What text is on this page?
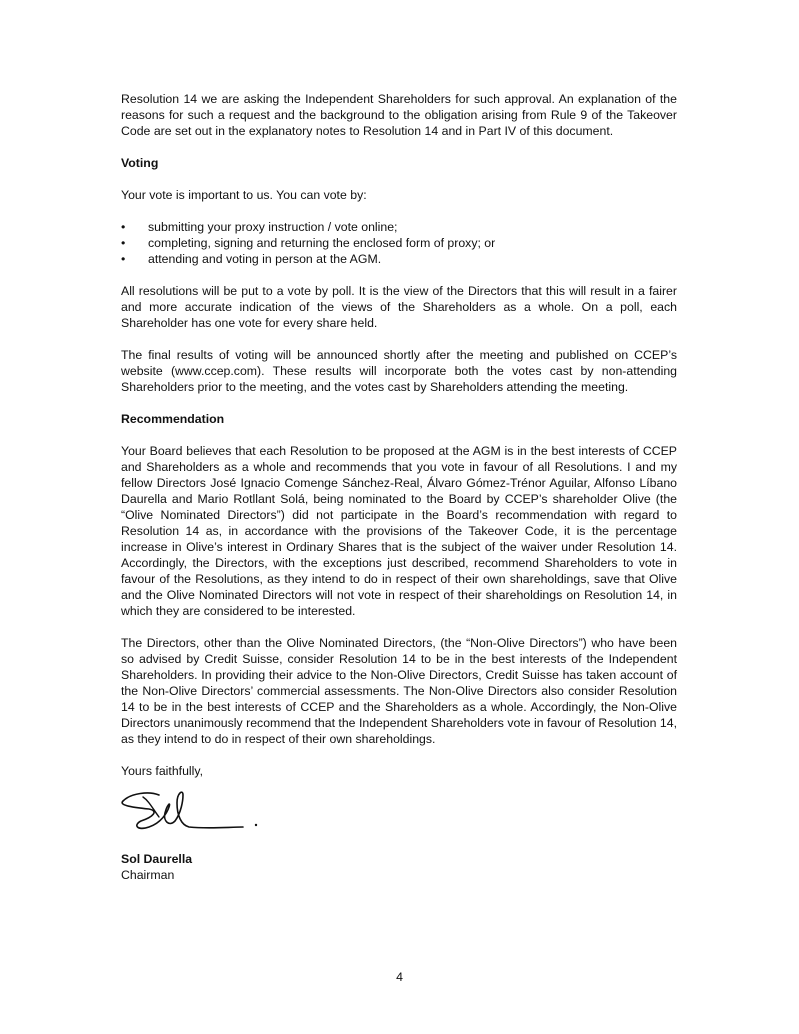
Resolution 14 we are asking the Independent Shareholders for such approval. An explanation of the reasons for such a request and the background to the obligation arising from Rule 9 of the Takeover Code are set out in the explanatory notes to Resolution 14 and in Part IV of this document.

Voting

Your vote is important to us. You can vote by:

• submitting your proxy instruction / vote online;
• completing, signing and returning the enclosed form of proxy; or
• attending and voting in person at the AGM.

All resolutions will be put to a vote by poll. It is the view of the Directors that this will result in a fairer and more accurate indication of the views of the Shareholders as a whole. On a poll, each Shareholder has one vote for every share held.

The final results of voting will be announced shortly after the meeting and published on CCEP’s website (www.ccep.com). These results will incorporate both the votes cast by non-attending Shareholders prior to the meeting, and the votes cast by Shareholders attending the meeting.

Recommendation

Your Board believes that each Resolution to be proposed at the AGM is in the best interests of CCEP and Shareholders as a whole and recommends that you vote in favour of all Resolutions. I and my fellow Directors José Ignacio Comenge Sánchez-Real, Álvaro Gómez-Trénor Aguilar, Alfonso Líbano Daurella and Mario Rotllant Solá, being nominated to the Board by CCEP’s shareholder Olive (the “Olive Nominated Directors”) did not participate in the Board’s recommendation with regard to Resolution 14 as, in accordance with the provisions of the Takeover Code, it is the percentage increase in Olive’s interest in Ordinary Shares that is the subject of the waiver under Resolution 14. Accordingly, the Directors, with the exceptions just described, recommend Shareholders to vote in favour of the Resolutions, as they intend to do in respect of their own shareholdings, save that Olive and the Olive Nominated Directors will not vote in respect of their shareholdings on Resolution 14, in which they are considered to be interested.

The Directors, other than the Olive Nominated Directors, (the “Non-Olive Directors”) who have been so advised by Credit Suisse, consider Resolution 14 to be in the best interests of the Independent Shareholders. In providing their advice to the Non-Olive Directors, Credit Suisse has taken account of the Non-Olive Directors’ commercial assessments. The Non-Olive Directors also consider Resolution 14 to be in the best interests of CCEP and the Shareholders as a whole. Accordingly, the Non-Olive Directors unanimously recommend that the Independent Shareholders vote in favour of Resolution 14, as they intend to do in respect of their own shareholdings.

Yours faithfully,

Sol Daurella

Chairman

4
